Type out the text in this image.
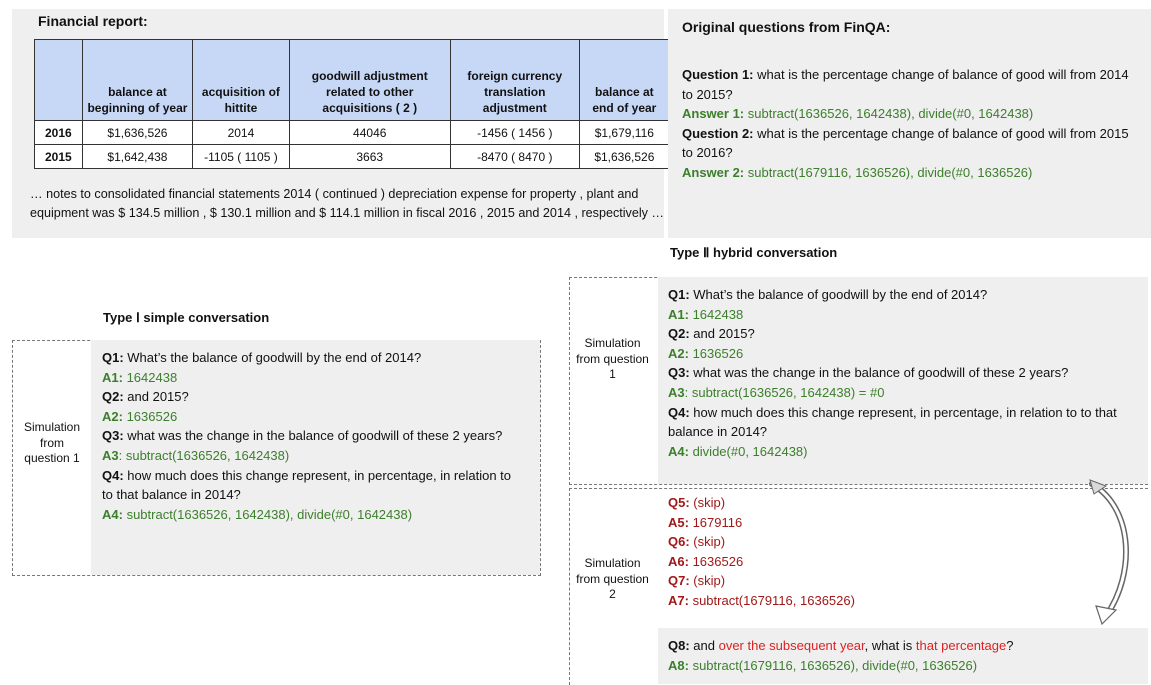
Financial report:
	balance at beginning of year	acquisition of hittite	goodwill adjustment related to other acquisitions ( 2 )	foreign currency translation adjustment	balance at end of year
2016	$1,636,526	2014	44046	-1456 ( 1456 )	$1,679,116
2015	$1,642,438	-1105 ( 1105 )	3663	-8470 ( 8470 )	$1,636,526
… notes to consolidated financial statements 2014 ( continued ) depreciation expense for property , plant and equipment was $ 134.5 million , $ 130.1 million and $ 114.1 million in fiscal 2016 , 2015 and 2014 , respectively …
Original questions from FinQA:
Question 1: what is the percentage change of balance of good will from 2014 to 2015?
Answer 1: subtract(1636526, 1642438), divide(#0, 1642438)
Question 2: what is the percentage change of balance of good will from 2015 to 2016?
Answer 2: subtract(1679116, 1636526), divide(#0, 1636526)
Type Ⅰ simple conversation
Simulation from question 1
Q1: What’s the balance of goodwill by the end of 2014?
A1: 1642438
Q2: and 2015?
A2: 1636526
Q3: what was the change in the balance of goodwill of these 2 years?
A3: subtract(1636526, 1642438)
Q4: how much does this change represent, in percentage, in relation to to that balance in 2014?
A4: subtract(1636526, 1642438), divide(#0, 1642438)
Type Ⅱ hybrid conversation
Simulation from question 1
Q1: What’s the balance of goodwill by the end of 2014?
A1: 1642438
Q2: and 2015?
A2: 1636526
Q3: what was the change in the balance of goodwill of these 2 years?
A3: subtract(1636526, 1642438) = #0
Q4: how much does this change represent, in percentage, in relation to to that balance in 2014?
A4: divide(#0, 1642438)
Simulation from question 2
Q5: (skip)
A5: 1679116
Q6: (skip)
A6: 1636526
Q7: (skip)
A7: subtract(1679116, 1636526)
Q8: and over the subsequent year, what is that percentage?
A8: subtract(1679116, 1636526), divide(#0, 1636526)
